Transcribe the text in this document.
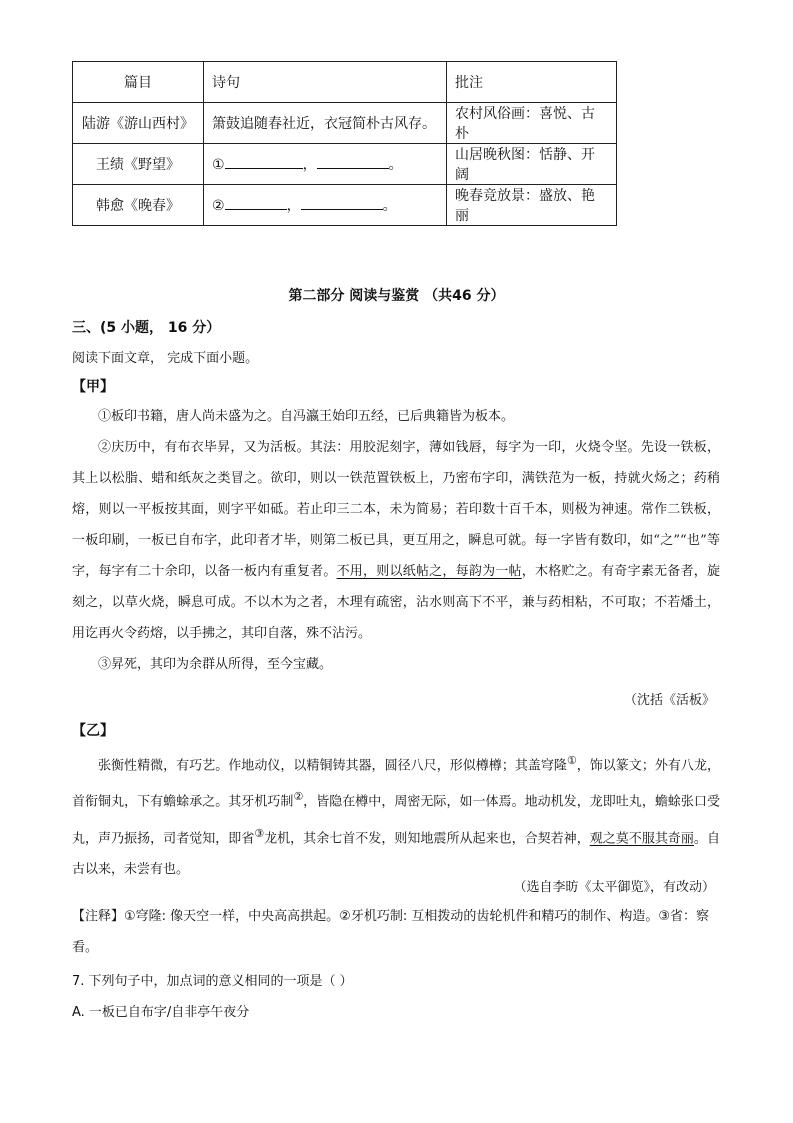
篇目	诗句	批注
陆游《游山西村》	箫鼓追随春社近，衣冠简朴古风存。	农村风俗画：喜悦、古朴
王绩《野望》	① ， 。	山居晚秋图：恬静、开阔
韩愈《晚春》	② ， 。	晚春竞放景：盛放、艳丽
第二部分 阅读与鉴赏 （共46 分）
三、(5 小题， 16 分）
阅读下面文章， 完成下面小题。
【甲】

①板印书籍，唐人尚未盛为之。自冯瀛王始印五经，已后典籍皆为板本。

②庆历中，有布衣毕昇，又为活板。其法：用胶泥刻字，薄如钱唇，每字为一印，火烧令坚。先设一铁板，其上以松脂、蜡和纸灰之类冒之。欲印，则以一铁范置铁板上，乃密布字印，满铁范为一板，持就火炀之；药稍熔，则以一平板按其面，则字平如砥。若止印三二本，未为简易；若印数十百千本，则极为神速。常作二铁板，一板印刷，一板已自布字，此印者才毕，则第二板已具，更互用之，瞬息可就。每一字皆有数印，如“之”“也”等字，每字有二十余印，以备一板内有重复者。不用，则以纸帖之，每韵为一帖，木格贮之。有奇字素无备者，旋刻之，以草火烧，瞬息可成。不以木为之者，木理有疏密，沾水则高下不平，兼与药相粘，不可取；不若燔土，用讫再火令药熔，以手拂之，其印自落，殊不沾污。

③昇死，其印为余群从所得，至今宝藏。

（沈括《活板》
【乙】

张衡性精微，有巧艺。作地动仪，以精铜铸其器，圆径八尺，形似樽樽；其盖穹隆①，饰以篆文；外有八龙，首衔铜丸，下有蟾蜍承之。其牙机巧制②，皆隐在樽中，周密无际，如一体焉。地动机发，龙即吐丸，蟾蜍张口受丸，声乃振扬，司者觉知，即省③龙机，其余七首不发，则知地震所从起来也，合契若神，观之莫不服其奇丽。自古以来，未尝有也。

（选自李昉《太平御览》，有改动）
【注释】①穹隆: 像天空一样，中央高高拱起。②牙机巧制: 互相拨动的齿轮机件和精巧的制作、构造。③省：察看。
7. 下列句子中，加点词的意义相同的一项是（ ）
A. 一板已自布字/自非亭午夜分
